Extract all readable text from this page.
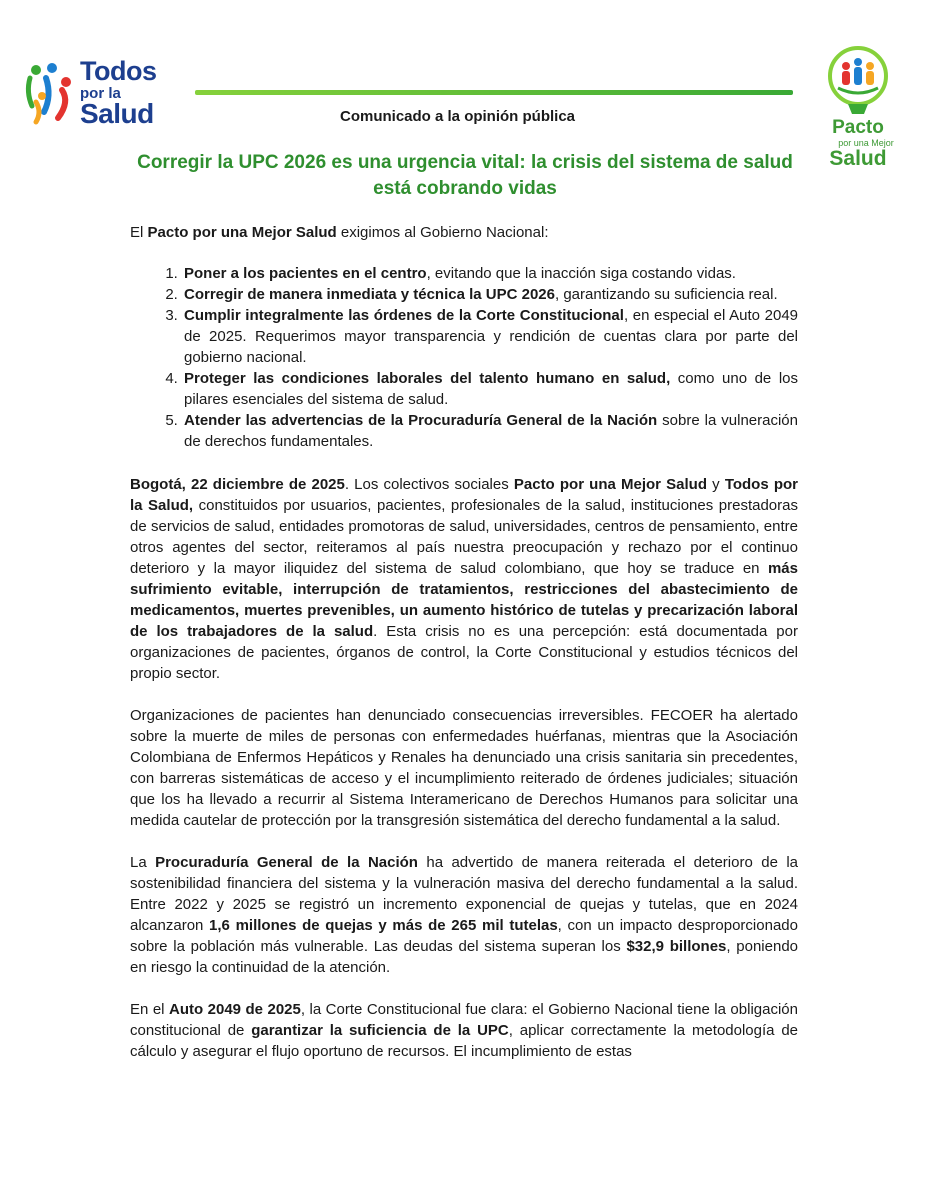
Todos
por la
Salud	Comunicado a la opinión pública
Pacto
por una Mejor
Salud
Corregir la UPC 2026 es una urgencia vital: la crisis del sistema de salud está cobrando vidas

El Pacto por una Mejor Salud exigimos al Gobierno Nacional:

1. Poner a los pacientes en el centro, evitando que la inacción siga costando vidas.
2. Corregir de manera inmediata y técnica la UPC 2026, garantizando su suficiencia real.
3. Cumplir integralmente las órdenes de la Corte Constitucional, en especial el Auto 2049 de 2025. Requerimos mayor transparencia y rendición de cuentas clara por parte del gobierno nacional.
4. Proteger las condiciones laborales del talento humano en salud, como uno de los pilares esenciales del sistema de salud.
5. Atender las advertencias de la Procuraduría General de la Nación sobre la vulneración de derechos fundamentales.

Bogotá, 22 diciembre de 2025. Los colectivos sociales Pacto por una Mejor Salud y Todos por la Salud, constituidos por usuarios, pacientes, profesionales de la salud, instituciones prestadoras de servicios de salud, entidades promotoras de salud, universidades, centros de pensamiento, entre otros agentes del sector, reiteramos al país nuestra preocupación y rechazo por el continuo deterioro y la mayor iliquidez del sistema de salud colombiano, que hoy se traduce en más sufrimiento evitable, interrupción de tratamientos, restricciones del abastecimiento de medicamentos, muertes prevenibles, un aumento histórico de tutelas y precarización laboral de los trabajadores de la salud. Esta crisis no es una percepción: está documentada por organizaciones de pacientes, órganos de control, la Corte Constitucional y estudios técnicos del propio sector.

Organizaciones de pacientes han denunciado consecuencias irreversibles. FECOER ha alertado sobre la muerte de miles de personas con enfermedades huérfanas, mientras que la Asociación Colombiana de Enfermos Hepáticos y Renales ha denunciado una crisis sanitaria sin precedentes, con barreras sistemáticas de acceso y el incumplimiento reiterado de órdenes judiciales; situación que los ha llevado a recurrir al Sistema Interamericano de Derechos Humanos para solicitar una medida cautelar de protección por la transgresión sistemática del derecho fundamental a la salud.

La Procuraduría General de la Nación ha advertido de manera reiterada el deterioro de la sostenibilidad financiera del sistema y la vulneración masiva del derecho fundamental a la salud. Entre 2022 y 2025 se registró un incremento exponencial de quejas y tutelas, que en 2024 alcanzaron 1,6 millones de quejas y más de 265 mil tutelas, con un impacto desproporcionado sobre la población más vulnerable. Las deudas del sistema superan los $32,9 billones, poniendo en riesgo la continuidad de la atención.

En el Auto 2049 de 2025, la Corte Constitucional fue clara: el Gobierno Nacional tiene la obligación constitucional de garantizar la suficiencia de la UPC, aplicar correctamente la metodología de cálculo y asegurar el flujo oportuno de recursos. El incumplimiento de estas
